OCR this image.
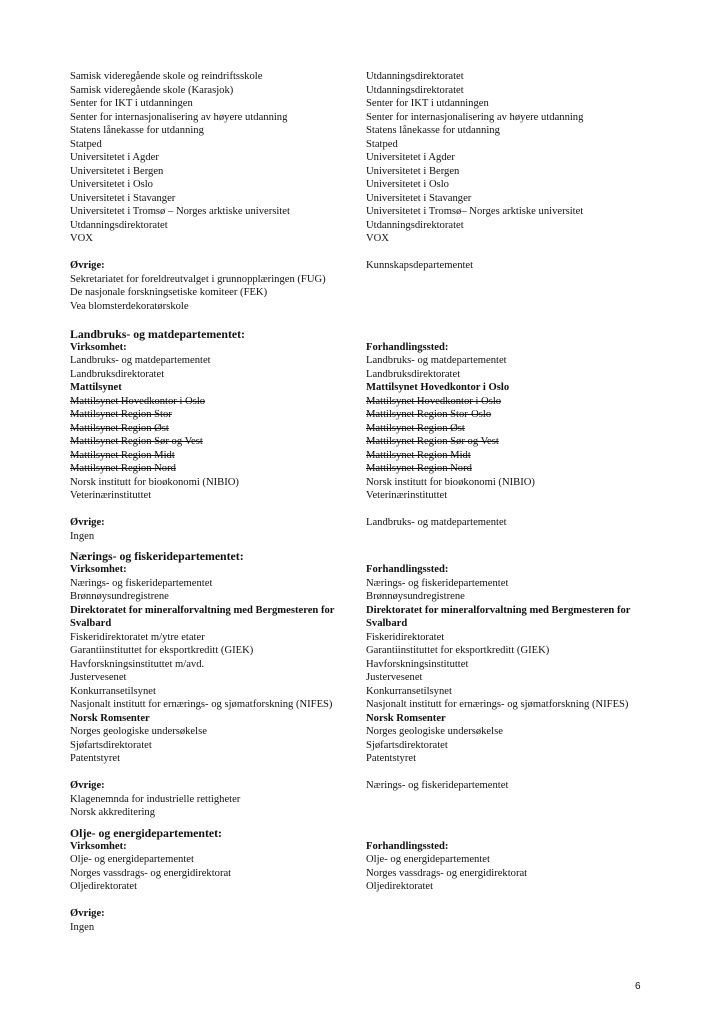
Samisk videregående skole og reindriftsskole
Samisk videregående skole (Karasjok)
Senter for IKT i utdanningen
Senter for internasjonalisering av høyere utdanning
Statens lånekasse for utdanning
Statped
Universitetet i Agder
Universitetet i Bergen
Universitetet i Oslo
Universitetet i Stavanger
Universitetet i Tromsø – Norges arktiske universitet
Utdanningsdirektoratet
VOX
Øvrige:
Sekretariatet for foreldreutvalget i grunnopplæringen (FUG)
De nasjonale forskningsetiske komiteer (FEK)
Vea blomsterdekoratørskole
Landbruks- og matdepartementet:
Virksomhet:
Landbruks- og matdepartementet
Landbruksdirektoratet
Mattilsynet
Mattilsynet Hovedkontor i Oslo
Mattilsynet Region Stor
Mattilsynet Region Øst
Mattilsynet Region Sør og Vest
Mattilsynet Region Midt
Mattilsynet Region Nord
Norsk institutt for bioøkonomi (NIBIO)
Veterinærinstituttet
Øvrige:
Ingen
Nærings- og fiskeridepartementet:
Virksomhet:
Nærings- og fiskeridepartementet
Brønnøysundregistrene
Direktoratet for mineralforvaltning med Bergmesteren for Svalbard
Fiskeridirektoratet m/ytre etater
Garantiinstituttet for eksportkreditt (GIEK)
Havforskningsinstituttet m/avd.
Justervesenet
Konkurransetilsynet
Nasjonalt institutt for ernærings- og sjømatforskning (NIFES)
Norsk Romsenter
Norges geologiske undersøkelse
Sjøfartsdirektoratet
Patentstyret
Øvrige:
Klagenemnda for industrielle rettigheter
Norsk akkreditering
Olje- og energidepartementet:
Virksomhet:
Olje- og energidepartementet
Norges vassdrags- og energidirektorat
Oljedirektoratet
Øvrige:
Ingen
Utdanningsdirektoratet
Utdanningsdirektoratet
Senter for IKT i utdanningen
Senter for internasjonalisering av høyere utdanning
Statens lånekasse for utdanning
Statped
Universitetet i Agder
Universitetet i Bergen
Universitetet i Oslo
Universitetet i Stavanger
Universitetet i Tromsø– Norges arktiske universitet
Utdanningsdirektoratet
VOX
Kunnskapsdepartementet

Forhandlingssted:
Landbruks- og matdepartementet
Landbruksdirektoratet
Mattilsynet Hovedkontor i Oslo
Mattilsynet Hovedkontor i Oslo
Mattilsynet Region Stor-Oslo
Mattilsynet Region Øst
Mattilsynet Region Sør og Vest
Mattilsynet Region Midt
Mattilsynet Region Nord
Norsk institutt for bioøkonomi (NIBIO)
Veterinærinstituttet
Landbruks- og matdepartementet

Forhandlingssted:
Nærings- og fiskeridepartementet
Brønnøysundregistrene
Direktoratet for mineralforvaltning med Bergmesteren for Svalbard
Fiskeridirektoratet
Garantiinstituttet for eksportkreditt (GIEK)
Havforskningsinstituttet
Justervesenet
Konkurransetilsynet
Nasjonalt institutt for ernærings- og sjømatforskning (NIFES)
Norsk Romsenter
Norges geologiske undersøkelse
Sjøfartsdirektoratet
Patentstyret
Nærings- og fiskeridepartementet

Forhandlingssted:
Olje- og energidepartementet
Norges vassdrags- og energidirektorat
Oljedirektoratet
6
